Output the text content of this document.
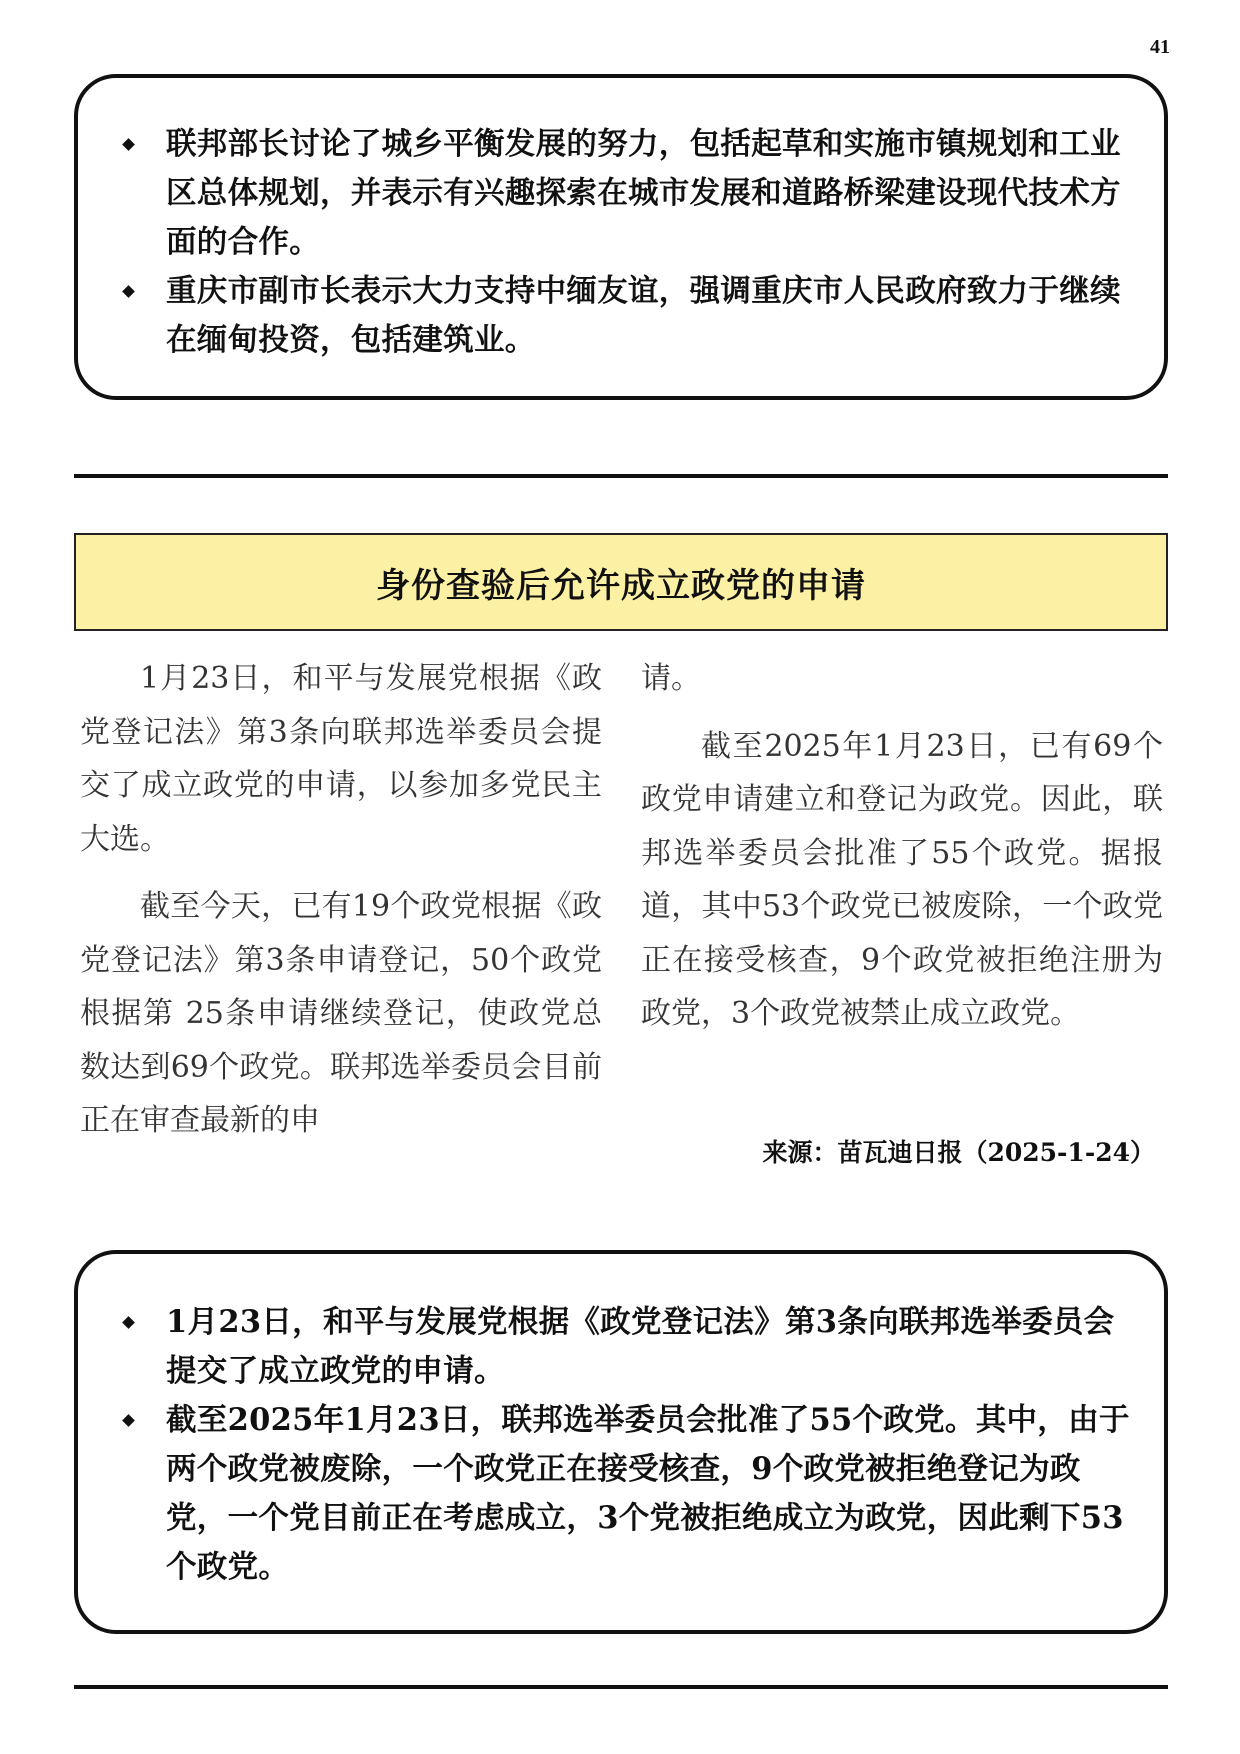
41
联邦部长讨论了城乡平衡发展的努力，包括起草和实施市镇规划和工业区总体规划，并表示有兴趣探索在城市发展和道路桥梁建设现代技术方面的合作。
重庆市副市长表示大力支持中缅友谊，强调重庆市人民政府致力于继续在缅甸投资，包括建筑业。
身份查验后允许成立政党的申请

1月23日，和平与发展党根据《政党登记法》第3条向联邦选举委员会提交了成立政党的申请，以参加多党民主大选。

截至今天，已有19个政党根据《政党登记法》第3条申请登记，50个政党根据第 25条申请继续登记，使政党总数达到69个政党。联邦选举委员会目前正在审查最新的申

请。

截至2025年1月23日，已有69个政党申请建立和登记为政党。因此，联邦选举委员会批准了55个政党。据报道，其中53个政党已被废除，一个政党正在接受核查，9个政党被拒绝注册为政党，3个政党被禁止成立政党。

来源：苗瓦迪日报（2025-1-24）
1月23日，和平与发展党根据《政党登记法》第3条向联邦选举委员会提交了成立政党的申请。
截至2025年1月23日，联邦选举委员会批准了55个政党。其中，由于两个政党被废除，一个政党正在接受核查，9个政党被拒绝登记为政党，一个党目前正在考虑成立，3个党被拒绝成立为政党，因此剩下53个政党。
